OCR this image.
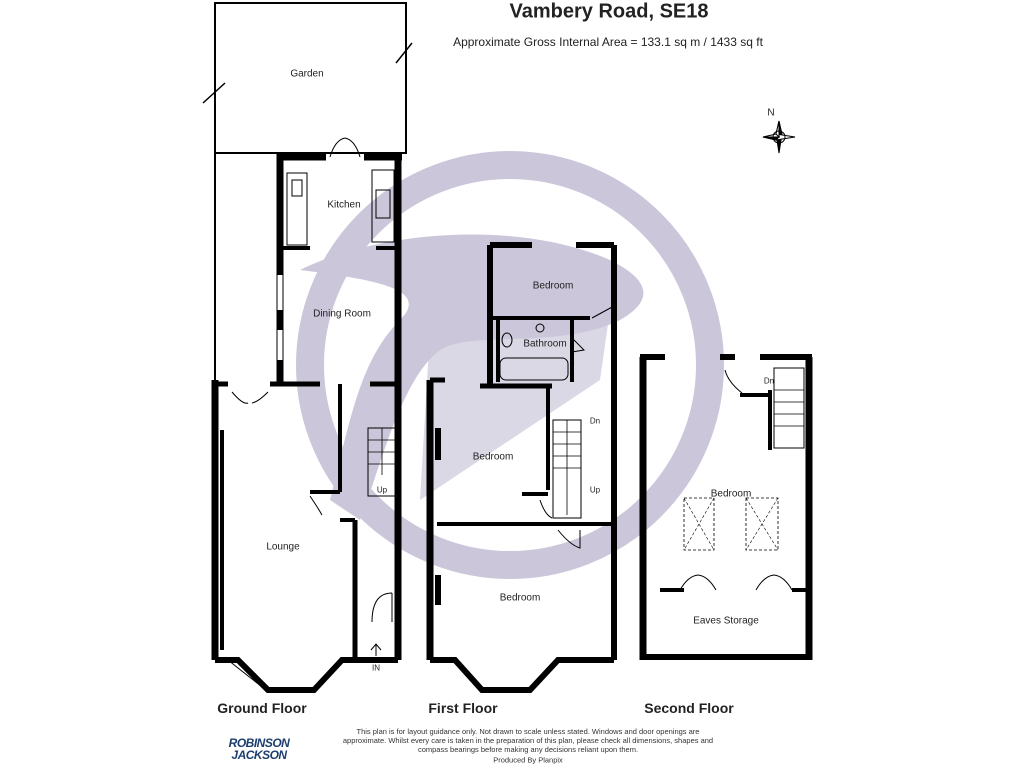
Vambery Road, SE18
Approximate Gross Internal Area = 133.1 sq m / 1433 sq ft
N
Garden
Kitchen
Dining Room
Lounge
Bedroom
Bathroom
Bedroom
Bedroom
Bedroom
Eaves Storage
Up
Dn
Up
Dn
IN
Ground Floor	First Floor	Second Floor
ROBINSON
JACKSON
This plan is for layout guidance only. Not drawn to scale unless stated. Windows and door openings are approximate. Whilst every care is taken in the preparation of this plan, please check all dimensions, shapes and compass bearings before making any decisions reliant upon them.
Produced By Planpix
